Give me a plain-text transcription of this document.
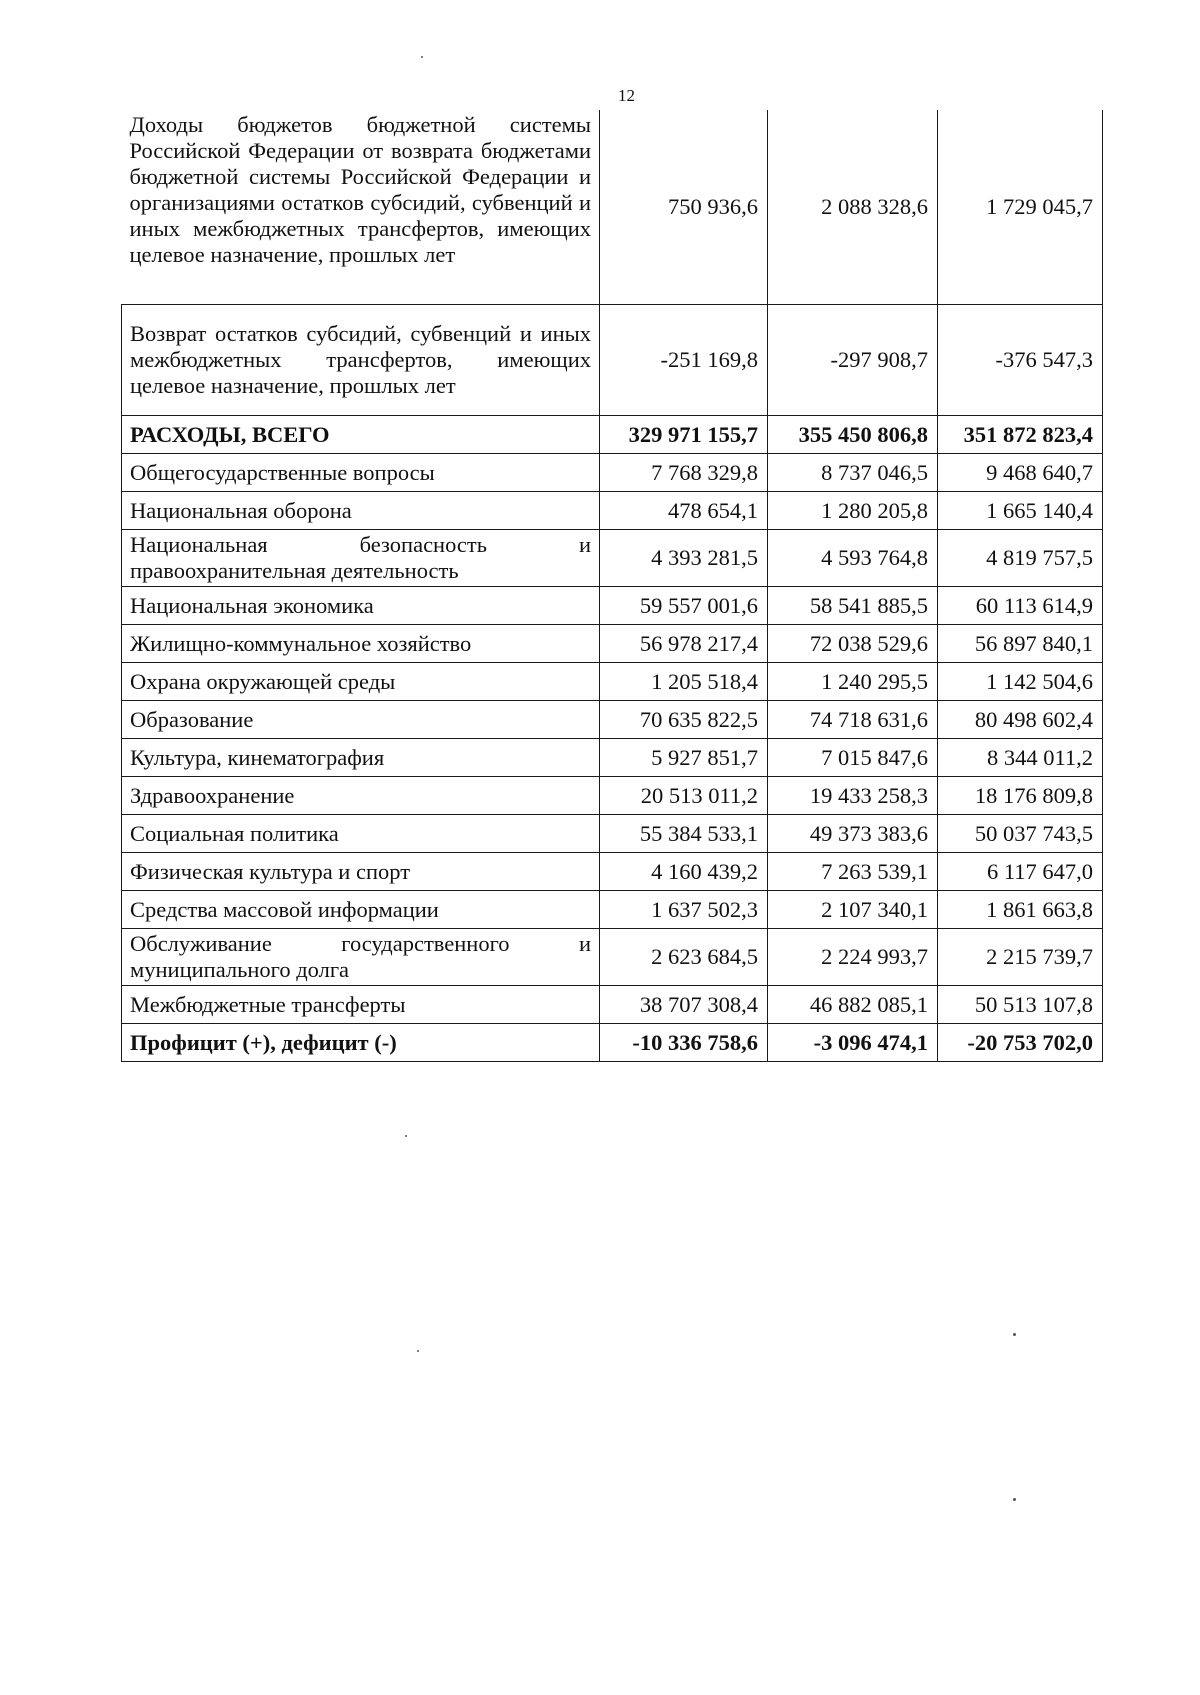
12
Доходы бюджетов бюджетной системы Российской Федерации от возврата бюджетами бюджетной системы Российской Федерации и организациями остатков субсидий, субвенций и иных межбюджетных трансфертов, имеющих целевое назначение, прошлых лет	750 936,6	2 088 328,6	1 729 045,7
Возврат остатков субсидий, субвенций и иных межбюджетных трансфертов, имеющих целевое назначение, прошлых лет	-251 169,8	-297 908,7	-376 547,3
РАСХОДЫ, ВСЕГО	329 971 155,7	355 450 806,8	351 872 823,4
Общегосударственные вопросы	7 768 329,8	8 737 046,5	9 468 640,7
Национальная оборона	478 654,1	1 280 205,8	1 665 140,4
Национальная безопасность и правоохранительная деятельность	4 393 281,5	4 593 764,8	4 819 757,5
Национальная экономика	59 557 001,6	58 541 885,5	60 113 614,9
Жилищно-коммунальное хозяйство	56 978 217,4	72 038 529,6	56 897 840,1
Охрана окружающей среды	1 205 518,4	1 240 295,5	1 142 504,6
Образование	70 635 822,5	74 718 631,6	80 498 602,4
Культура, кинематография	5 927 851,7	7 015 847,6	8 344 011,2
Здравоохранение	20 513 011,2	19 433 258,3	18 176 809,8
Социальная политика	55 384 533,1	49 373 383,6	50 037 743,5
Физическая культура и спорт	4 160 439,2	7 263 539,1	6 117 647,0
Средства массовой информации	1 637 502,3	2 107 340,1	1 861 663,8
Обслуживание государственного и муниципального долга	2 623 684,5	2 224 993,7	2 215 739,7
Межбюджетные трансферты	38 707 308,4	46 882 085,1	50 513 107,8
Профицит (+), дефицит (-)	-10 336 758,6	-3 096 474,1	-20 753 702,0
